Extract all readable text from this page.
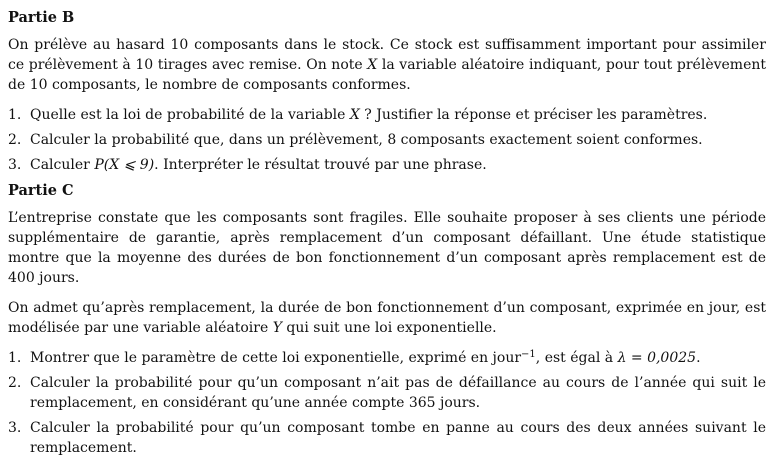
Partie B

On prélève au hasard 10 composants dans le stock. Ce stock est suffisamment important pour assimiler ce prélèvement à 10 tirages avec remise. On note X la variable aléatoire indiquant, pour tout prélèvement de 10 composants, le nombre de composants conformes.

1. Quelle est la loi de probabilité de la variable X ? Justifier la réponse et préciser les paramètres.
2. Calculer la probabilité que, dans un prélèvement, 8 composants exactement soient conformes.
3. Calculer P(X ⩽ 9). Interpréter le résultat trouvé par une phrase.
Partie C

L’entreprise constate que les composants sont fragiles. Elle souhaite proposer à ses clients une période supplémentaire de garantie, après remplacement d’un composant défaillant. Une étude statistique montre que la moyenne des durées de bon fonctionnement d’un composant après remplacement est de 400 jours.

On admet qu’après remplacement, la durée de bon fonctionnement d’un composant, exprimée en jour, est modélisée par une variable aléatoire Y qui suit une loi exponentielle.

1. Montrer que le paramètre de cette loi exponentielle, exprimé en jour$^{-1}$, est égal à λ = 0,0025.
2. Calculer la probabilité pour qu’un composant n’ait pas de défaillance au cours de l’année qui suit le remplacement, en considérant qu’une année compte 365 jours.
3. Calculer la probabilité pour qu’un composant tombe en panne au cours des deux années suivant le remplacement.
